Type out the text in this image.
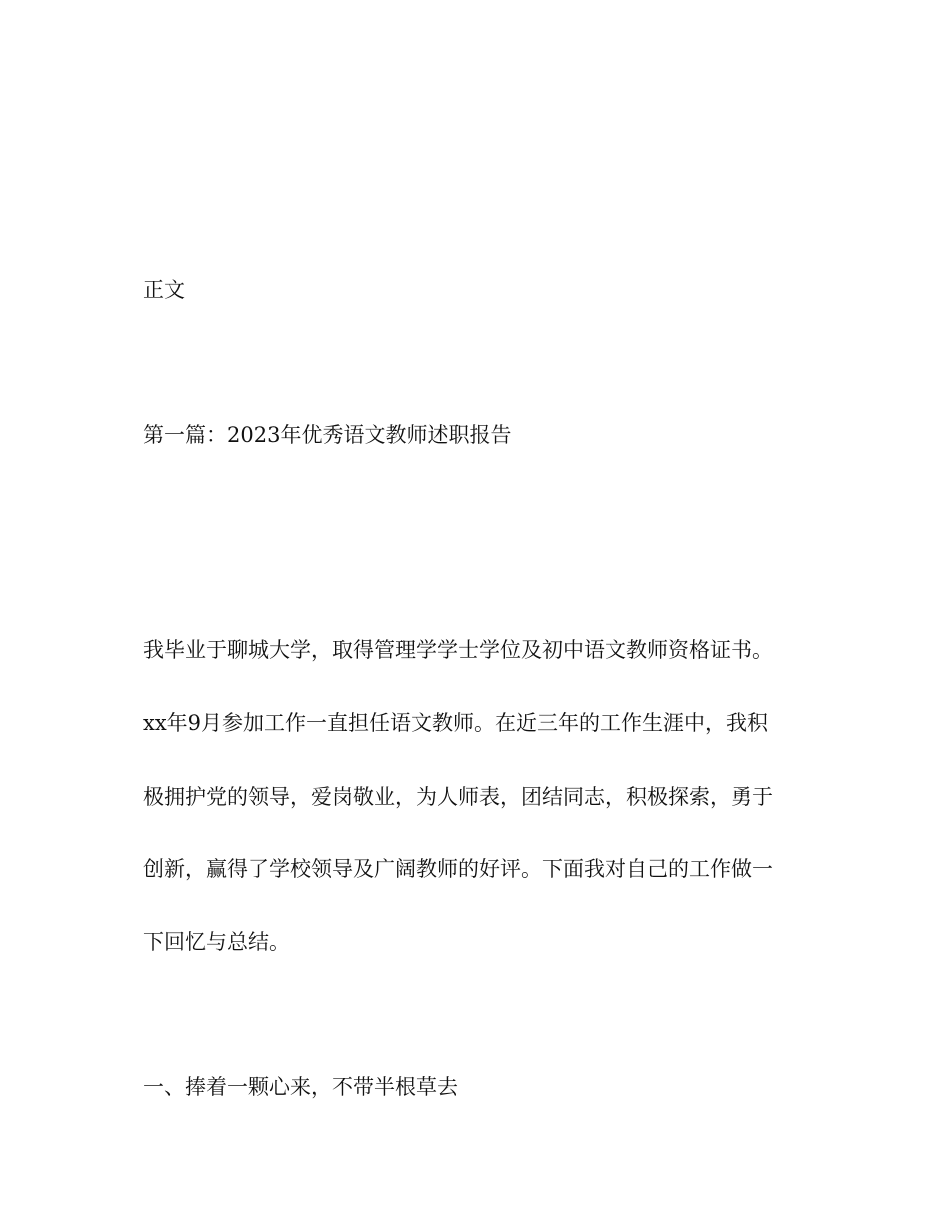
正文
第一篇：2023年优秀语文教师述职报告
我毕业于聊城大学，取得管理学学士学位及初中语文教师资格证书。
xx年9月参加工作一直担任语文教师。在近三年的工作生涯中，我积
极拥护党的领导，爱岗敬业，为人师表，团结同志，积极探索，勇于
创新，赢得了学校领导及广阔教师的好评。下面我对自己的工作做一
下回忆与总结。
一、捧着一颗心来，不带半根草去
